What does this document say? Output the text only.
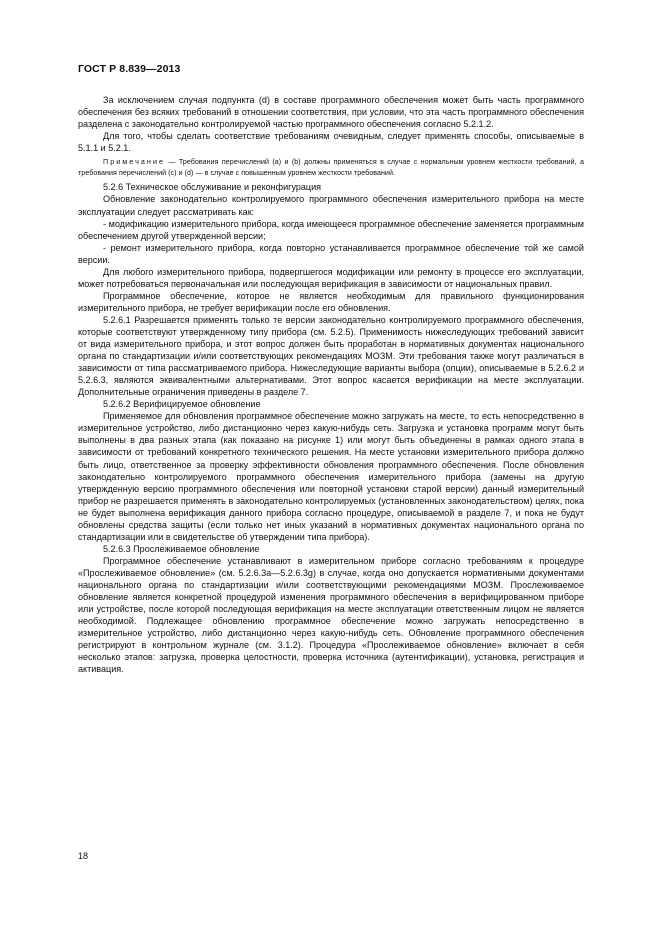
ГОСТ Р 8.839—2013

За исключением случая подпункта (d) в составе программного обеспечения может быть часть программного обеспечения без всяких требований в отношении соответствия, при условии, что эта часть программного обеспечения разделена с законодательно контролируемой частью программного обеспечения согласно 5.2.1.2.

Для того, чтобы сделать соответствие требованиям очевидным, следует применять способы, описываемые в 5.1.1 и 5.2.1.

Примечание — Требования перечислений (a) и (b) должны применяться в случае с нормальным уровнем жесткости требований, а требования перечислений (c) и (d) — в случае с повышенным уровнем жесткости требований.

5.2.6 Техническое обслуживание и реконфигурация

Обновление законодательно контролируемого программного обеспечения измерительного прибора на месте эксплуатации следует рассматривать как:

- модификацию измерительного прибора, когда имеющееся программное обеспечение заменяется программным обеспечением другой утвержденной версии;

- ремонт измерительного прибора, когда повторно устанавливается программное обеспечение той же самой версии.

Для любого измерительного прибора, подвергшегося модификации или ремонту в процессе его эксплуатации, может потребоваться первоначальная или последующая верификация в зависимости от национальных правил.

Программное обеспечение, которое не является необходимым для правильного функционирования измерительного прибора, не требует верификации после его обновления.

5.2.6.1 Разрешается применять только те версии законодательно контролируемого программного обеспечения, которые соответствуют утвержденному типу прибора (см. 5.2.5). Применимость нижеследующих требований зависит от вида измерительного прибора, и этот вопрос должен быть проработан в нормативных документах национального органа по стандартизации и/или соответствующих рекомендациях МОЗМ. Эти требования также могут различаться в зависимости от типа рассматриваемого прибора. Нижеследующие варианты выбора (опции), описываемые в 5.2.6.2 и 5.2.6.3, являются эквивалентными альтернативами. Этот вопрос касается верификации на месте эксплуатации. Дополнительные ограничения приведены в разделе 7.

5.2.6.2 Верифицируемое обновление

Применяемое для обновления программное обеспечение можно загружать на месте, то есть непосредственно в измерительное устройство, либо дистанционно через какую-нибудь сеть. Загрузка и установка программ могут быть выполнены в два разных этапа (как показано на рисунке 1) или могут быть объединены в рамках одного этапа в зависимости от требований конкретного технического решения. На месте установки измерительного прибора должно быть лицо, ответственное за проверку эффективности обновления программного обеспечения. После обновления законодательно контролируемого программного обеспечения измерительного прибора (замены на другую утвержденную версию программного обеспечения или повторной установки старой версии) данный измерительный прибор не разрешается применять в законодательно контролируемых (установленных законодательством) целях, пока не будет выполнена верификация данного прибора согласно процедуре, описываемой в разделе 7, и пока не будут обновлены средства защиты (если только нет иных указаний в нормативных документах национального органа по стандартизации или в свидетельстве об утверждении типа прибора).

5.2.6.3 Прослеживаемое обновление

Программное обеспечение устанавливают в измерительном приборе согласно требованиям к процедуре «Прослеживаемое обновление» (см. 5.2.6.3а—5.2.6.3g) в случае, когда оно допускается нормативными документами национального органа по стандартизации и/или соответствующими рекомендациями МОЗМ. Прослеживаемое обновление является конкретной процедурой изменения программного обеспечения в верифицированном приборе или устройстве, после которой последующая верификация на месте эксплуатации ответственным лицом не является необходимой. Подлежащее обновлению программное обеспечение можно загружать непосредственно в измерительное устройство, либо дистанционно через какую-нибудь сеть. Обновление программного обеспечения регистрируют в контрольном журнале (см. 3.1.2). Процедура «Прослеживаемое обновление» включает в себя несколько этапов: загрузка, проверка целостности, проверка источника (аутентификации), установка, регистрация и активация.

18
